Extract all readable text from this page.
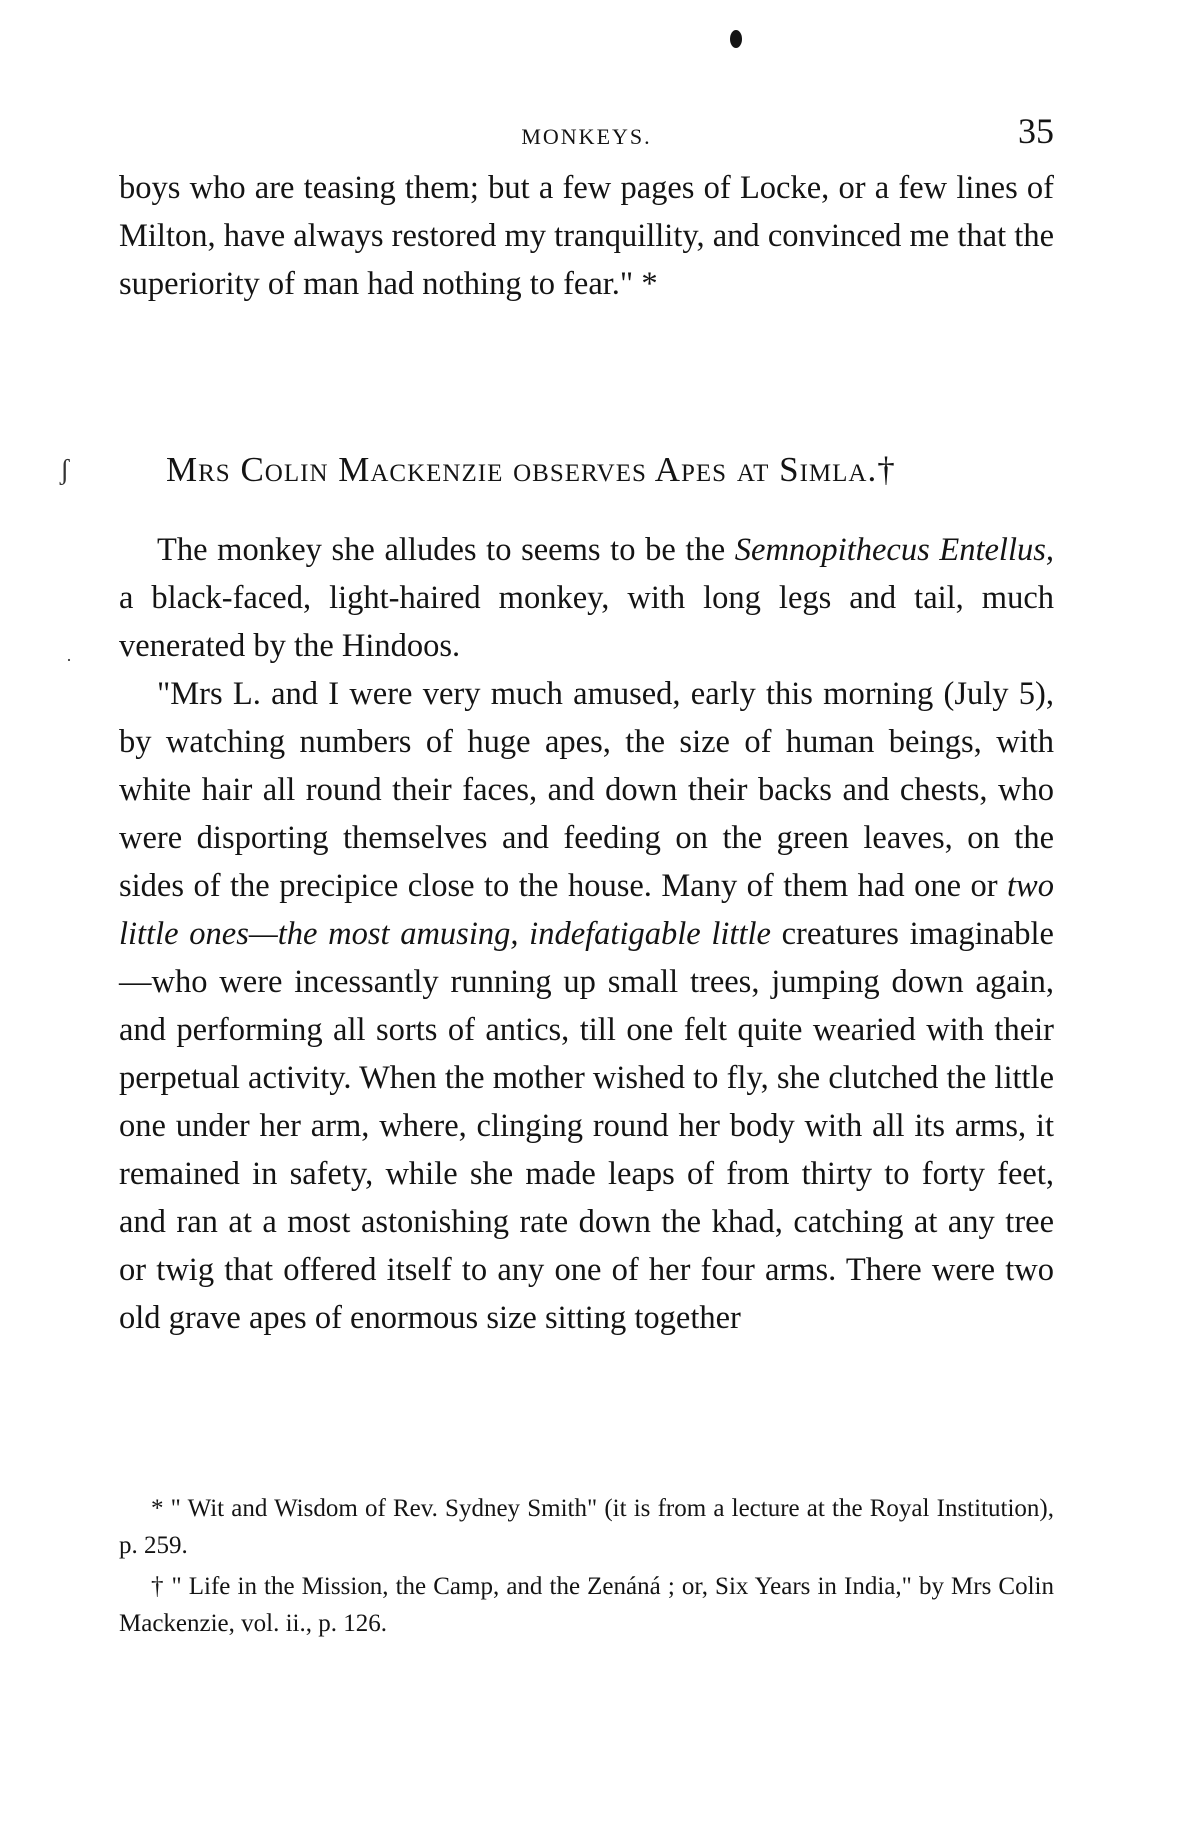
ʃ
·
MONKEYS.	35

boys who are teasing them; but a few pages of Locke, or a few lines of Milton, have always restored my tranquillity, and convinced me that the superiority of man had nothing to fear." *

Mrs Colin Mackenzie observes Apes at Simla.†

The monkey she alludes to seems to be the Semnopithecus Entellus, a black-faced, light-haired monkey, with long legs and tail, much venerated by the Hindoos.

"Mrs L. and I were very much amused, early this morning (July 5), by watching numbers of huge apes, the size of human beings, with white hair all round their faces, and down their backs and chests, who were disporting themselves and feeding on the green leaves, on the sides of the precipice close to the house. Many of them had one or two little ones—the most amusing, indefatigable little creatures imaginable—who were incessantly running up small trees, jumping down again, and performing all sorts of antics, till one felt quite wearied with their perpetual activity. When the mother wished to fly, she clutched the little one under her arm, where, clinging round her body with all its arms, it remained in safety, while she made leaps of from thirty to forty feet, and ran at a most astonishing rate down the khad, catching at any tree or twig that offered itself to any one of her four arms. There were two old grave apes of enormous size sitting together

* " Wit and Wisdom of Rev. Sydney Smith" (it is from a lecture at the Royal Institution), p. 259.

† " Life in the Mission, the Camp, and the Zenáná ; or, Six Years in India," by Mrs Colin Mackenzie, vol. ii., p. 126.
